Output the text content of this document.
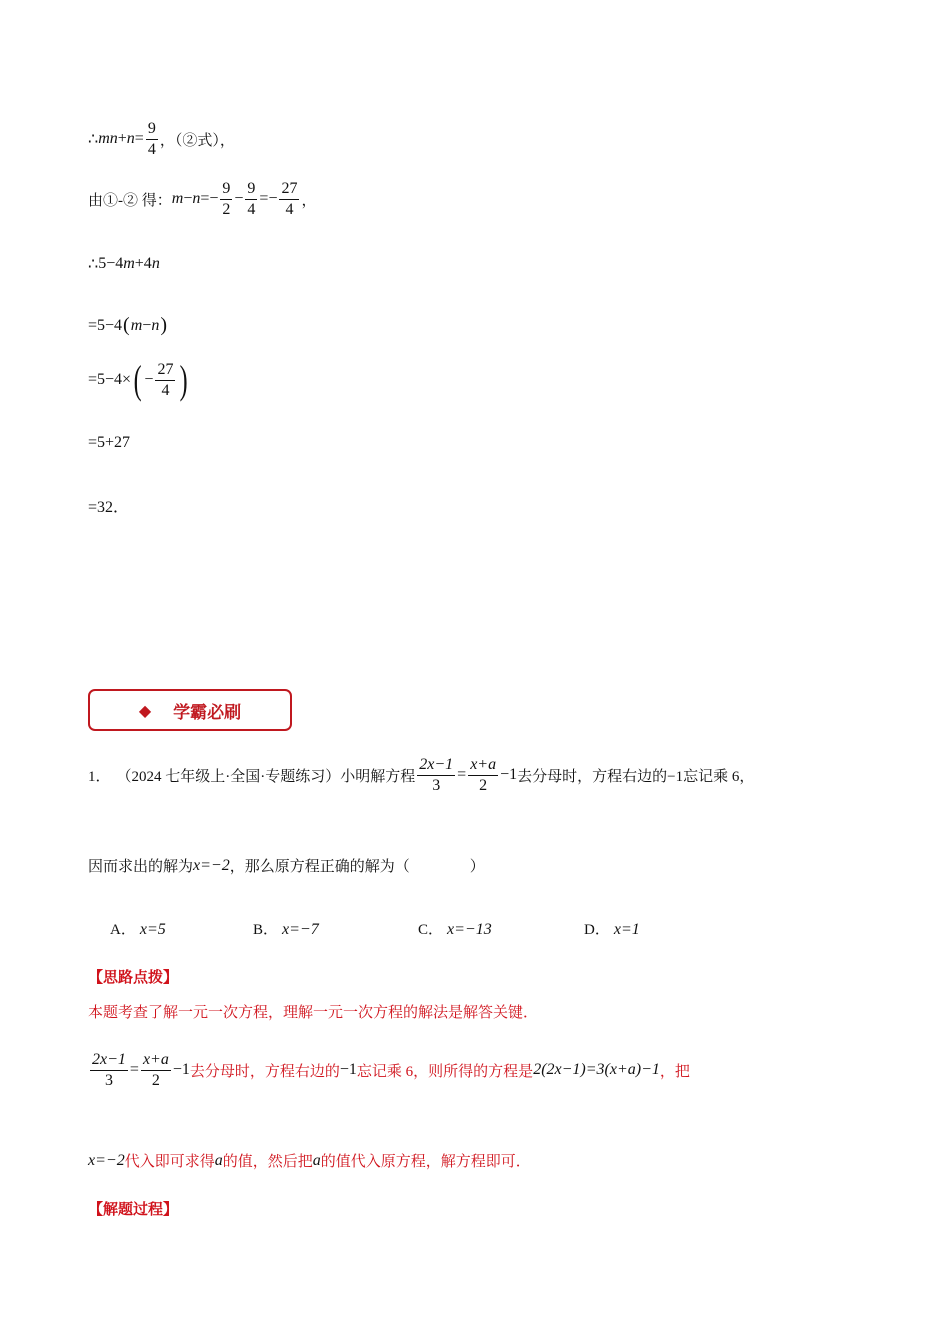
∴ mn + $n = \frac{9}{4}$ ，（②式），
由①-② 得： $m - n =- \frac{9}{2} - \frac{9}{4} =- \frac{27}{4}$ ，
∴ 5−4 m +4 n
=5−4 ( m − n )
=5−4× ( − $\frac{27}{4}$ )
=5+27
=32．
◆ 学霸必刷
1． （2024 七年级上·全国·专题练习）小明解方程 $\frac{2x-1}{3} = \frac{x+a}{2} -1$ 去分母时，方程右边的−1忘记乘 6，
因而求出的解为 x=−2 ，那么原方程正确的解为（　　　　）
A． x=5	B． x=−7	C． x=−13	D． x=1
【思路点拨】
本题考查了解一元一次方程，理解一元一次方程的解法是解答关键．
$\frac{2x-1}{3} = \frac{x+a}{2} -1$ 去分母时，方程右边的 −1 忘记乘 6，则所得的方程是 2(2x−1)=3(x+a)−1 ，把
x=−2 代入即可求得 a 的值，然后把 a 的值代入原方程，解方程即可．
【解题过程】
